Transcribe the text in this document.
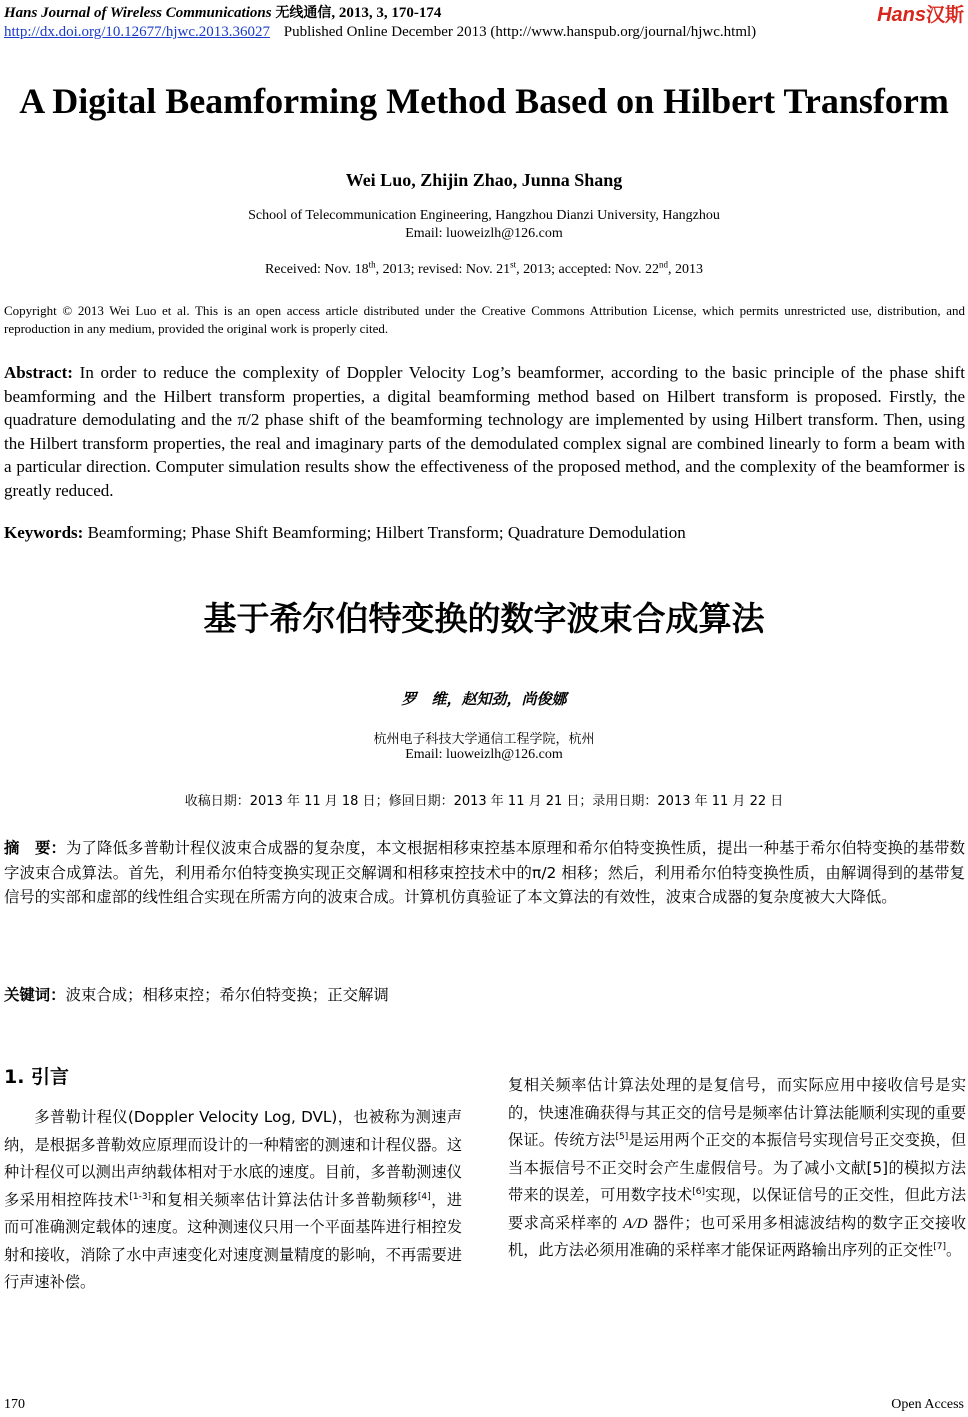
Hans Journal of Wireless Communications 无线通信, 2013, 3, 170-174	Hans汉斯
http://dx.doi.org/10.12677/hjwc.2013.36027 Published Online December 2013 (http://www.hanspub.org/journal/hjwc.html)
A Digital Beamforming Method Based on Hilbert Transform
Wei Luo, Zhijin Zhao, Junna Shang
School of Telecommunication Engineering, Hangzhou Dianzi University, Hangzhou
Email: luoweizlh@126.com
Received: Nov. 18th, 2013; revised: Nov. 21st, 2013; accepted: Nov. 22nd, 2013
Copyright © 2013 Wei Luo et al. This is an open access article distributed under the Creative Commons Attribution License, which permits unrestricted use, distribution, and reproduction in any medium, provided the original work is properly cited.
Abstract: In order to reduce the complexity of Doppler Velocity Log’s beamformer, according to the basic principle of the phase shift beamforming and the Hilbert transform properties, a digital beamforming method based on Hilbert transform is proposed. Firstly, the quadrature demodulating and the π/2 phase shift of the beamforming technology are implemented by using Hilbert transform. Then, using the Hilbert transform properties, the real and imaginary parts of the demodulated complex signal are combined linearly to form a beam with a particular direction. Computer simulation results show the effectiveness of the proposed method, and the complexity of the beamformer is greatly reduced.
Keywords: Beamforming; Phase Shift Beamforming; Hilbert Transform; Quadrature Demodulation
基于希尔伯特变换的数字波束合成算法
罗　维，赵知劲，尚俊娜
杭州电子科技大学通信工程学院，杭州
Email: luoweizlh@126.com
收稿日期：2013 年 11 月 18 日；修回日期：2013 年 11 月 21 日；录用日期：2013 年 11 月 22 日
摘　要：为了降低多普勒计程仪波束合成器的复杂度，本文根据相移束控基本原理和希尔伯特变换性质，提出一种基于希尔伯特变换的基带数字波束合成算法。首先，利用希尔伯特变换实现正交解调和相移束控技术中的π/2 相移；然后，利用希尔伯特变换性质，由解调得到的基带复信号的实部和虚部的线性组合实现在所需方向的波束合成。计算机仿真验证了本文算法的有效性，波束合成器的复杂度被大大降低。
关键词：波束合成；相移束控；希尔伯特变换；正交解调
1. 引言
多普勒计程仪(Doppler Velocity Log, DVL)，也被称为测速声纳，是根据多普勒效应原理而设计的一种精密的测速和计程仪器。这种计程仪可以测出声纳载体相对于水底的速度。目前，多普勒测速仪多采用相控阵技术[1-3]和复相关频率估计算法估计多普勒频移[4]，进而可准确测定载体的速度。这种测速仪只用一个平面基阵进行相控发射和接收，消除了水中声速变化对速度测量精度的影响，不再需要进行声速补偿。
复相关频率估计算法处理的是复信号，而实际应用中接收信号是实的，快速准确获得与其正交的信号是频率估计算法能顺利实现的重要保证。传统方法[5]是运用两个正交的本振信号实现信号正交变换，但当本振信号不正交时会产生虚假信号。为了减小文献[5]的模拟方法带来的误差，可用数字技术[6]实现，以保证信号的正交性，但此方法要求高采样率的 A/D 器件；也可采用多相滤波结构的数字正交接收机，此方法必须用准确的采样率才能保证两路输出序列的正交性[7]。
170	Open Access
